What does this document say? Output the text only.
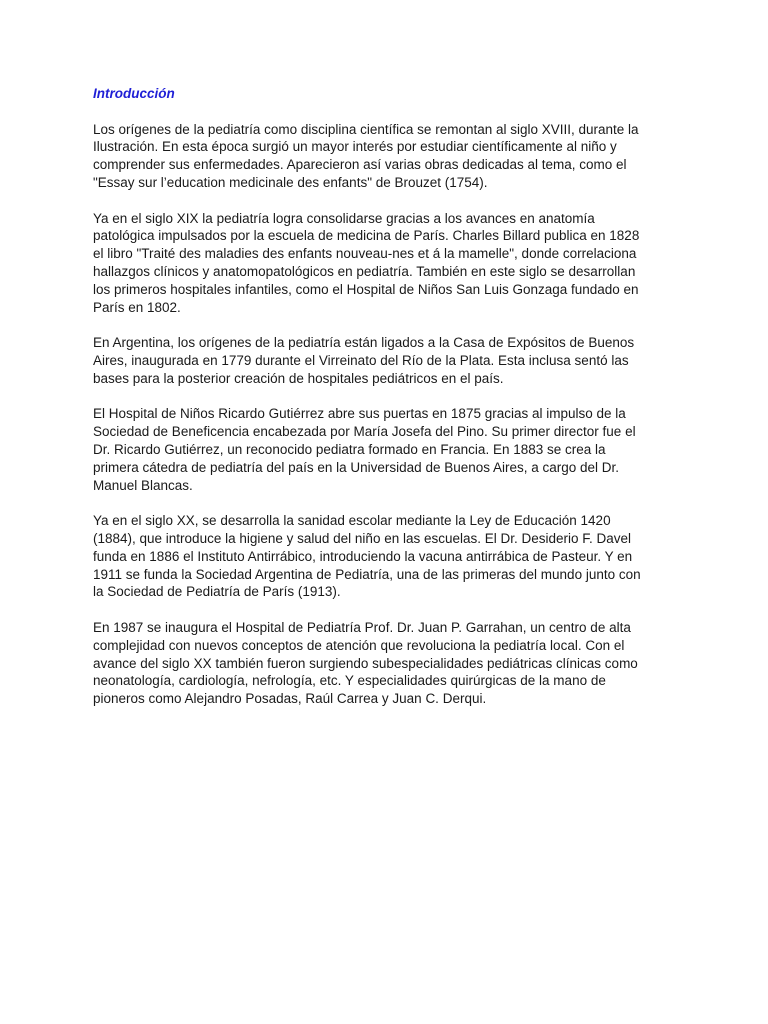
Introducción
Los orígenes de la pediatría como disciplina científica se remontan al siglo XVIII, durante la
Ilustración. En esta época surgió un mayor interés por estudiar científicamente al niño y
comprender sus enfermedades. Aparecieron así varias obras dedicadas al tema, como el
"Essay sur l’education medicinale des enfants" de Brouzet (1754).
Ya en el siglo XIX la pediatría logra consolidarse gracias a los avances en anatomía
patológica impulsados por la escuela de medicina de París. Charles Billard publica en 1828
el libro "Traité des maladies des enfants nouveau-nes et á la mamelle", donde correlaciona
hallazgos clínicos y anatomopatológicos en pediatría. También en este siglo se desarrollan
los primeros hospitales infantiles, como el Hospital de Niños San Luis Gonzaga fundado en
París en 1802.
En Argentina, los orígenes de la pediatría están ligados a la Casa de Expósitos de Buenos
Aires, inaugurada en 1779 durante el Virreinato del Río de la Plata. Esta inclusa sentó las
bases para la posterior creación de hospitales pediátricos en el país.
El Hospital de Niños Ricardo Gutiérrez abre sus puertas en 1875 gracias al impulso de la
Sociedad de Beneficencia encabezada por María Josefa del Pino. Su primer director fue el
Dr. Ricardo Gutiérrez, un reconocido pediatra formado en Francia. En 1883 se crea la
primera cátedra de pediatría del país en la Universidad de Buenos Aires, a cargo del Dr.
Manuel Blancas.
Ya en el siglo XX, se desarrolla la sanidad escolar mediante la Ley de Educación 1420
(1884), que introduce la higiene y salud del niño en las escuelas. El Dr. Desiderio F. Davel
funda en 1886 el Instituto Antirrábico, introduciendo la vacuna antirrábica de Pasteur. Y en
1911 se funda la Sociedad Argentina de Pediatría, una de las primeras del mundo junto con
la Sociedad de Pediatría de París (1913).
En 1987 se inaugura el Hospital de Pediatría Prof. Dr. Juan P. Garrahan, un centro de alta
complejidad con nuevos conceptos de atención que revoluciona la pediatría local. Con el
avance del siglo XX también fueron surgiendo subespecialidades pediátricas clínicas como
neonatología, cardiología, nefrología, etc. Y especialidades quirúrgicas de la mano de
pioneros como Alejandro Posadas, Raúl Carrea y Juan C. Derqui.
